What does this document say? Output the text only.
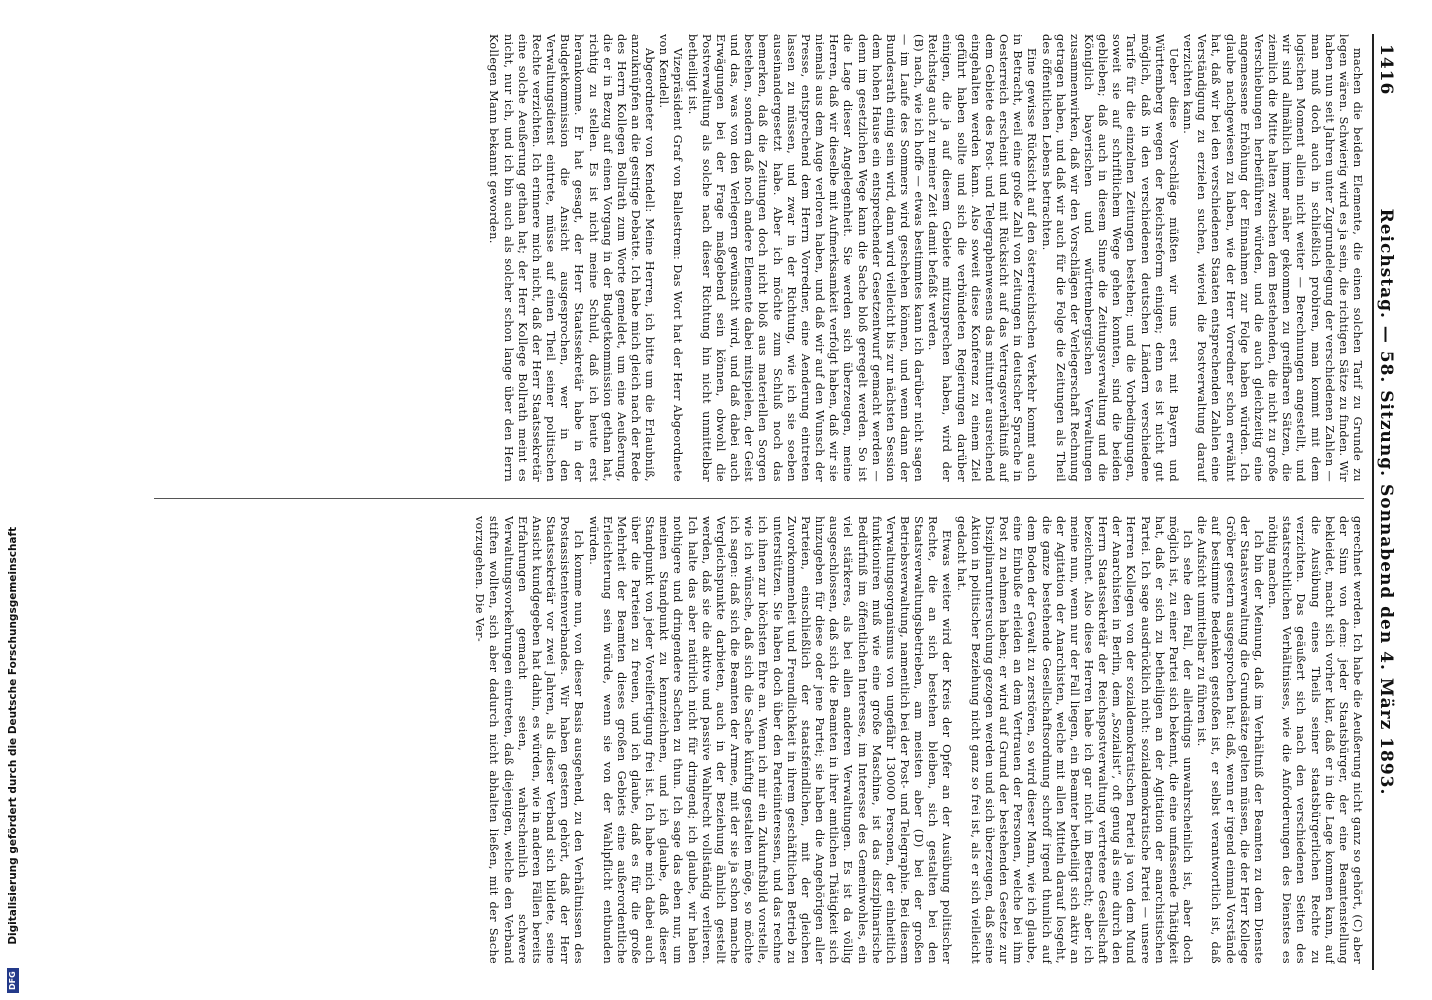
1416
Reichstag. — 58. Sitzung. Sonnabend den 4. März 1893.

machen die beiden Elemente, die einen solchen Tarif zu Grunde zu legen wären. Schwierig wird es ja sein, die richtigen Sätze zu finden. Wir haben nun seit Jahren unter Zugrundelegung der verschiedenen Zahlen — man muß doch auch in schließlich probiren, man kommt mit dem logischen Moment allein nicht weiter — Berechnungen angestellt, und wir sind allmählich immer näher gekommen zu greifbaren Sätzen, die ziemlich die Mitte halten zwischen dem Bestehenden, die nicht zu große Verschiebungen herbeiführen würden, und die auch gleichzeitig eine angemessene Erhöhung der Einnahmen zur Folge haben würden. Ich glaube nachgewiesen zu haben, wie der Herr Vorredner schon erwähnt hat, daß wir bei den verschiedenen Staaten entsprechenden Zahlen eine Verständigung zu erzielen suchen, wieviel die Postverwaltung darauf verzichten kann.

Ueber diese Vorschläge müßten wir uns erst mit Bayern und Württemberg wegen der Reichsreform einigen; denn es ist nicht gut möglich, daß in den verschiedenen deutschen Ländern verschiedene Tarife für die einzelnen Zeitungen bestehen; und die Vorbedingungen, soweit sie auf schriftlichem Wege gehen konnten, sind die beiden geblieben; daß auch in diesem Sinne die Zeitungsverwaltung und die Königlich bayerischen und württembergischen Verwaltungen zusammenwirken, daß wir den Vorschlägen der Verlegerschaft Rechnung getragen haben, und daß wir auch für die Folge die Zeitungen als Theil des öffentlichen Lebens betrachten.

Eine gewisse Rücksicht auf den österreichischen Verkehr kommt auch in Betracht, weil eine große Zahl von Zeitungen in deutscher Sprache in Oesterreich erscheint und mit Rücksicht auf das Vertragsverhältniß auf dem Gebiete des Post- und Telegraphenwesens das mitunter ausreichend eingehalten werden kann. Also soweit diese Konferenz zu einem Ziel geführt haben sollte und sich die verbündeten Regierungen darüber einigen, die ja auf diesem Gebiete mitzusprechen haben, wird der Reichstag auch zu meiner Zeit damit befaßt werden.

(B) nach, wie ich hoffe — etwas bestimmtes kann ich darüber nicht sagen — im Laufe des Sommers wird geschehen können, und wenn dann der Bundesrath einig sein wird, dann wird vielleicht bis zur nächsten Session dem hohen Hause ein entsprechender Gesetzentwurf gemacht werden — denn im gesetzlichen Wege kann die Sache bloß geregelt werden. So ist die Lage dieser Angelegenheit. Sie werden sich überzeugen, meine Herren, daß wir dieselbe mit Aufmerksamkeit verfolgt haben, daß wir sie niemals aus dem Auge verloren haben, und daß wir auf den Wunsch der Presse, entsprechend dem Herrn Vorredner, eine Aenderung eintreten lassen zu müssen, und zwar in der Richtung, wie ich sie soeben auseinandergesetzt habe. Aber ich möchte zum Schluß noch das bemerken, daß die Zeitungen doch nicht bloß aus materiellen Sorgen bestehen, sondern daß noch andere Elemente dabei mitspielen, der Geist und das, was von den Verlegern gewünscht wird, und daß dabei auch Erwägungen bei der Frage maßgebend sein können, obwohl die Postverwaltung als solche nach dieser Richtung hin nicht unmittelbar betheiligt ist.

Vizepräsident Graf von Ballestrem: Das Wort hat der Herr Abgeordnete von Kendell.

Abgeordneter von Kendell: Meine Herren, ich bitte um die Erlaubniß, anzuknüpfen an die gestrige Debatte. Ich habe mich gleich nach der Rede des Herrn Kollegen Bollrath zum Worte gemeldet, um eine Aeußerung, die er in Bezug auf einen Vorgang in der Budgetkommission gethan hat, richtig zu stellen. Es ist nicht meine Schuld, daß ich heute erst herankomme. Er hat gesagt, der Herr Staatssekretär habe in der Budgetkommission die Ansicht ausgesprochen, wer in den Verwaltungsdienst eintrete, müsse auf einen Theil seiner politischen Rechte verzichten. Ich erinnere mich nicht, daß der Herr Staatssekretär eine solche Aeußerung gethan hat; der Herr Kollege Bollrath meint es nicht, nur ich, und ich bin auch als solcher schon lange über den Herrn Kollegen Mann bekannt geworden.

gerechnet werden. Ich habe die Aeußerung nicht ganz so gehört, (C) aber der Sinn von dem: jeder Staatsbürger, der eine Beamtenstellung bekleidet, macht sich vorher klar, daß er in die Lage kommen kann, auf die Ausübung eines Theils seiner staatsbürgerlichen Rechte zu verzichten. Das geäußert sich nach den verschiedenen Seiten des staatsrechtlichen Verhältnisses, wie die Anforderungen des Dienstes es nöthig machen.

Ich bin der Meinung, daß im Verhältniß der Beamten zu dem Dienste der Staatsverwaltung die Grundsätze gelten müssen, die der Herr Kollege Gröber gestern ausgesprochen hat: daß, wenn er irgend einmal Vorstände auf bestimmte Bedenken gestoßen ist, er selbst verantwortlich ist, daß die Aufsicht unmittelbar zu führen ist.

Ich sehe den Fall, der allerdings unwahrscheinlich ist, aber doch möglich ist, zu einer Partei sich bekennt, die eine umfassende Thätigkeit hat, daß er sich zu betheiligen an der Agitation der anarchistischen Partei. Ich sage ausdrücklich nicht: sozialdemokratische Partei — unsere Herren Kollegen von der sozialdemokratischen Partei ja von dem Mund der Anarchisten in Berlin, dem „Sozialist“, oft genug als eine durch den Herrn Staatssekretär der Reichspostverwaltung vertretene Gesellschaft bezeichnet. Also diese Herren habe ich gar nicht im Betracht; aber ich meine nun, wenn nur der Fall liegen, ein Beamter betheiligt sich aktiv an der Agitation der Anarchisten, welche mit allen Mitteln darauf losgeht, die ganze bestehende Gesellschaftsordnung schroff irgend thunlich auf dem Boden der Gewalt zu zerstören, so wird dieser Mann, wie ich glaube, eine Einbuße erleiden an dem Vertrauen der Personen, welche bei ihm Post zu nehmen haben; er wird auf Grund der bestehenden Gesetze zur Disziplinaruntersuchung gezogen werden und sich überzeugen, daß seine Aktion in politischer Beziehung nicht ganz so frei ist, als er sich vielleicht gedacht hat.

Etwas weiter wird der Kreis der Opfer an der Ausübung politischer Rechte, die an sich bestehen bleiben, sich gestalten bei den Staatsverwaltungsbetrieben, am meisten aber (D) bei der großen Betriebsverwaltung, namentlich bei der Post- und Telegraphie. Bei diesem Verwaltungsorganismus von ungefähr 130000 Personen, der einheitlich funktioniren muß wie eine große Maschine, ist das disziplinarische Bedürfniß im öffentlichen Interesse, im Interesse des Gemeinwohles, ein viel stärkeres, als bei allen anderen Verwaltungen. Es ist da völlig ausgeschlossen, daß sich die Beamten in ihrer amtlichen Thätigkeit sich hinzugeben für diese oder jene Partei; sie haben die Angehörigen aller Parteien, einschließlich der staatsfeindlichen, mit der gleichen Zuvorkommenheit und Freundlichkeit in ihrem geschäftlichen Betrieb zu unterstützen. Sie haben doch über den Parteiinteressen, und das rechne ich ihnen zur höchsten Ehre an. Wenn ich mir ein Zukunftsbild vorstelle, wie ich wünsche, daß sich die Sache künftig gestalten möge, so möchte ich sagen: daß sich die Beamten der Armee, mit der sie ja schon manche Vergleichspunkte darbieten, auch in der Beziehung ähnlich gestellt werden, daß sie die aktive und passive Wahlrecht vollständig verlieren. Ich halte das aber natürlich nicht für dringend; ich glaube, wir haben nothigere und dringendere Sachen zu thun. Ich sage das eben nur, um meinen Standpunkt zu kennzeichnen, und ich glaube, daß dieser Standpunkt von jeder Voreilfertigung frei ist. Ich habe mich dabei auch über die Parteien zu freuen, und ich glaube, daß es für die große Mehrheit der Beamten dieses großen Gebiets eine außerordentliche Erleichterung sein würde, wenn sie von der Wahlpflicht entbunden würden.

Ich komme nun, von dieser Basis ausgehend, zu den Verhältnissen des Postassistentenverbandes. Wir haben gestern gehört, daß der Herr Staatssekretär vor zwei Jahren, als dieser Verband sich bildete, seine Ansicht kundgegeben hat dahin, es würden, wie in anderen Fällen bereits Erfahrungen gemacht seien, wahrscheinlich schwere Verwaltungsvorkehrungen eintreten, daß diejenigen, welche den Verband stiften wollten, sich aber dadurch nicht abhalten ließen, mit der Sache vorzugehen. Die Ver-

DFG Digitalisierung gefördert durch die Deutsche Forschungsgemeinschaft
